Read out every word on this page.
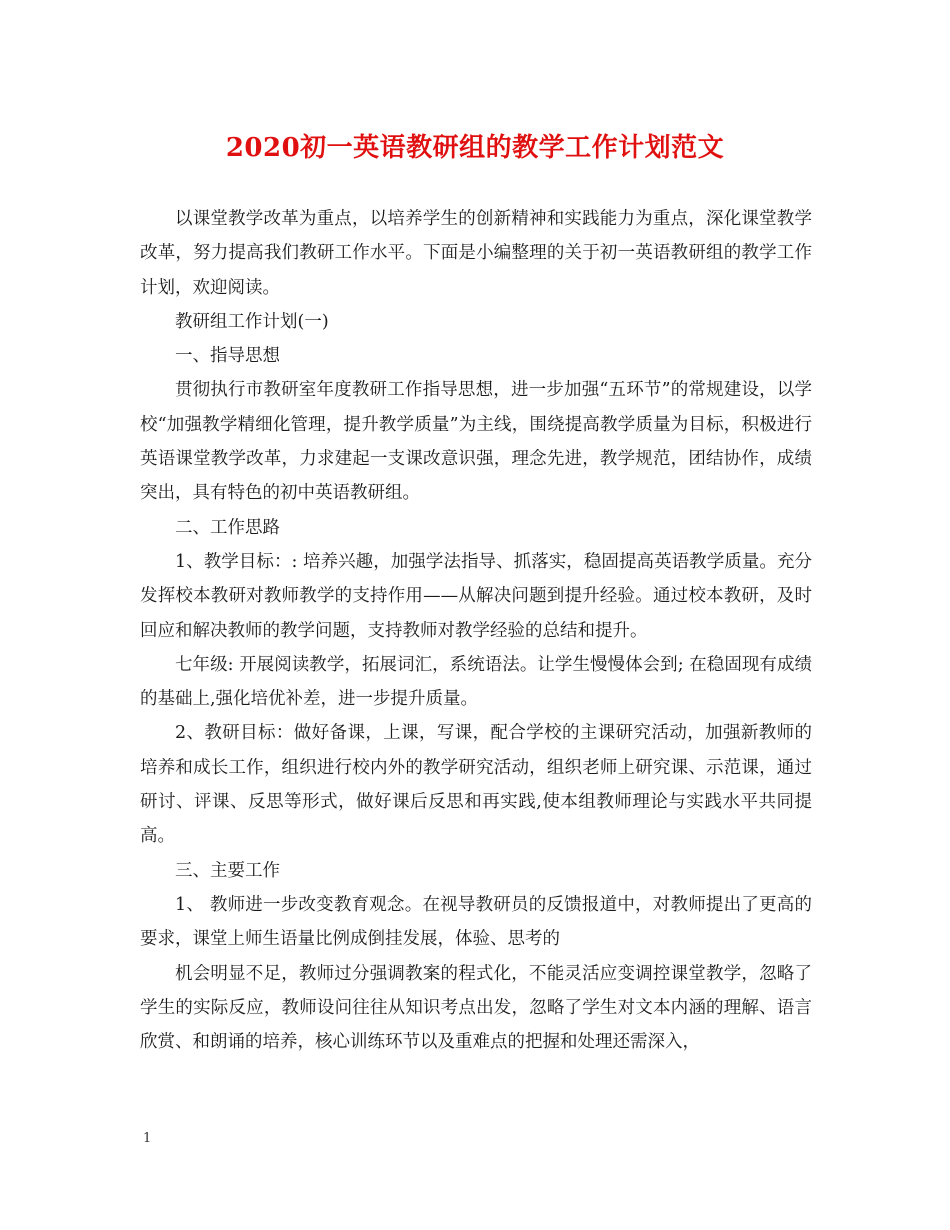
2020初一英语教研组的教学工作计划范文

以课堂教学改革为重点，以培养学生的创新精神和实践能力为重点，深化课堂教学改革，努力提高我们教研工作水平。下面是小编整理的关于初一英语教研组的教学工作计划，欢迎阅读。

教研组工作计划(一)

一、指导思想

贯彻执行市教研室年度教研工作指导思想，进一步加强“五环节”的常规建设，以学校“加强教学精细化管理，提升教学质量”为主线，围绕提高教学质量为目标，积极进行英语课堂教学改革，力求建起一支课改意识强，理念先进，教学规范，团结协作，成绩突出，具有特色的初中英语教研组。

二、工作思路

1、教学目标：: 培养兴趣，加强学法指导、抓落实，稳固提高英语教学质量。充分发挥校本教研对教师教学的支持作用——从解决问题到提升经验。通过校本教研，及时回应和解决教师的教学问题，支持教师对教学经验的总结和提升。

七年级: 开展阅读教学，拓展词汇，系统语法。让学生慢慢体会到; 在稳固现有成绩的基础上,强化培优补差，进一步提升质量。

2、教研目标：做好备课，上课，写课，配合学校的主课研究活动，加强新教师的培养和成长工作，组织进行校内外的教学研究活动，组织老师上研究课、示范课，通过研讨、评课、反思等形式，做好课后反思和再实践,使本组教师理论与实践水平共同提高。

三、主要工作

1、 教师进一步改变教育观念。在视导教研员的反馈报道中，对教师提出了更高的要求，课堂上师生语量比例成倒挂发展，体验、思考的

机会明显不足，教师过分强调教案的程式化，不能灵活应变调控课堂教学，忽略了学生的实际反应，教师设问往往从知识考点出发，忽略了学生对文本内涵的理解、语言欣赏、和朗诵的培养，核心训练环节以及重难点的把握和处理还需深入，

1
